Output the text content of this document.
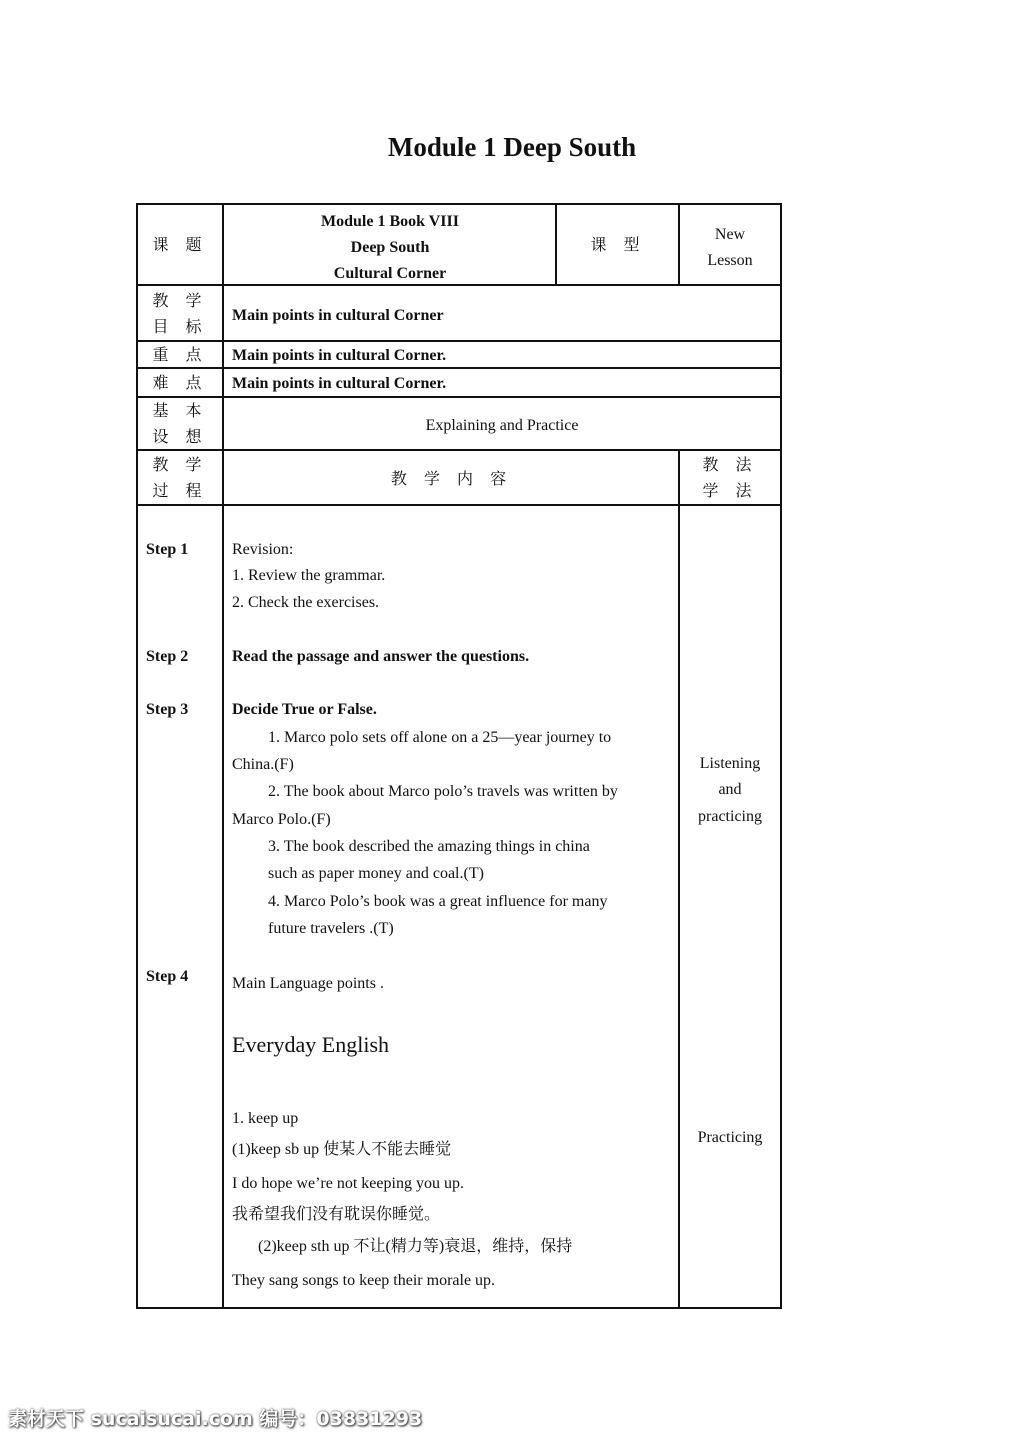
Module 1 Deep South
课 题
Module 1 Book VIII
Deep South
Cultural Corner
课 型
New
Lesson
教 学
目 标
Main points in cultural Corner
重 点	Main points in cultural Corner.
难 点	Main points in cultural Corner.
基 本
设 想
Explaining and Practice
教 学
过 程
教 学 内 容
教 法
学 法
Step 1
Step 2
Step 3
Step 4
Revision:
1. Review the grammar.
2. Check the exercises.
Read the passage and answer the questions.
Decide True or False.
1. Marco polo sets off alone on a 25—year journey to
China.(F)
2. The book about Marco polo’s travels was written by
Marco Polo.(F)
3. The book described the amazing things in china
such as paper money and coal.(T)
4. Marco Polo’s book was a great influence for many
future travelers .(T)
Main Language points .
Everyday English
1. keep up
(1)keep sb up 使某人不能去睡觉
I do hope we’re not keeping you up.
我希望我们没有耽误你睡觉。
(2)keep sth up 不让(精力等)衰退，维持，保持
They sang songs to keep their morale up.
Listening
and
practicing
Practicing
素材天下 sucaisucai.com 编号：03831293
